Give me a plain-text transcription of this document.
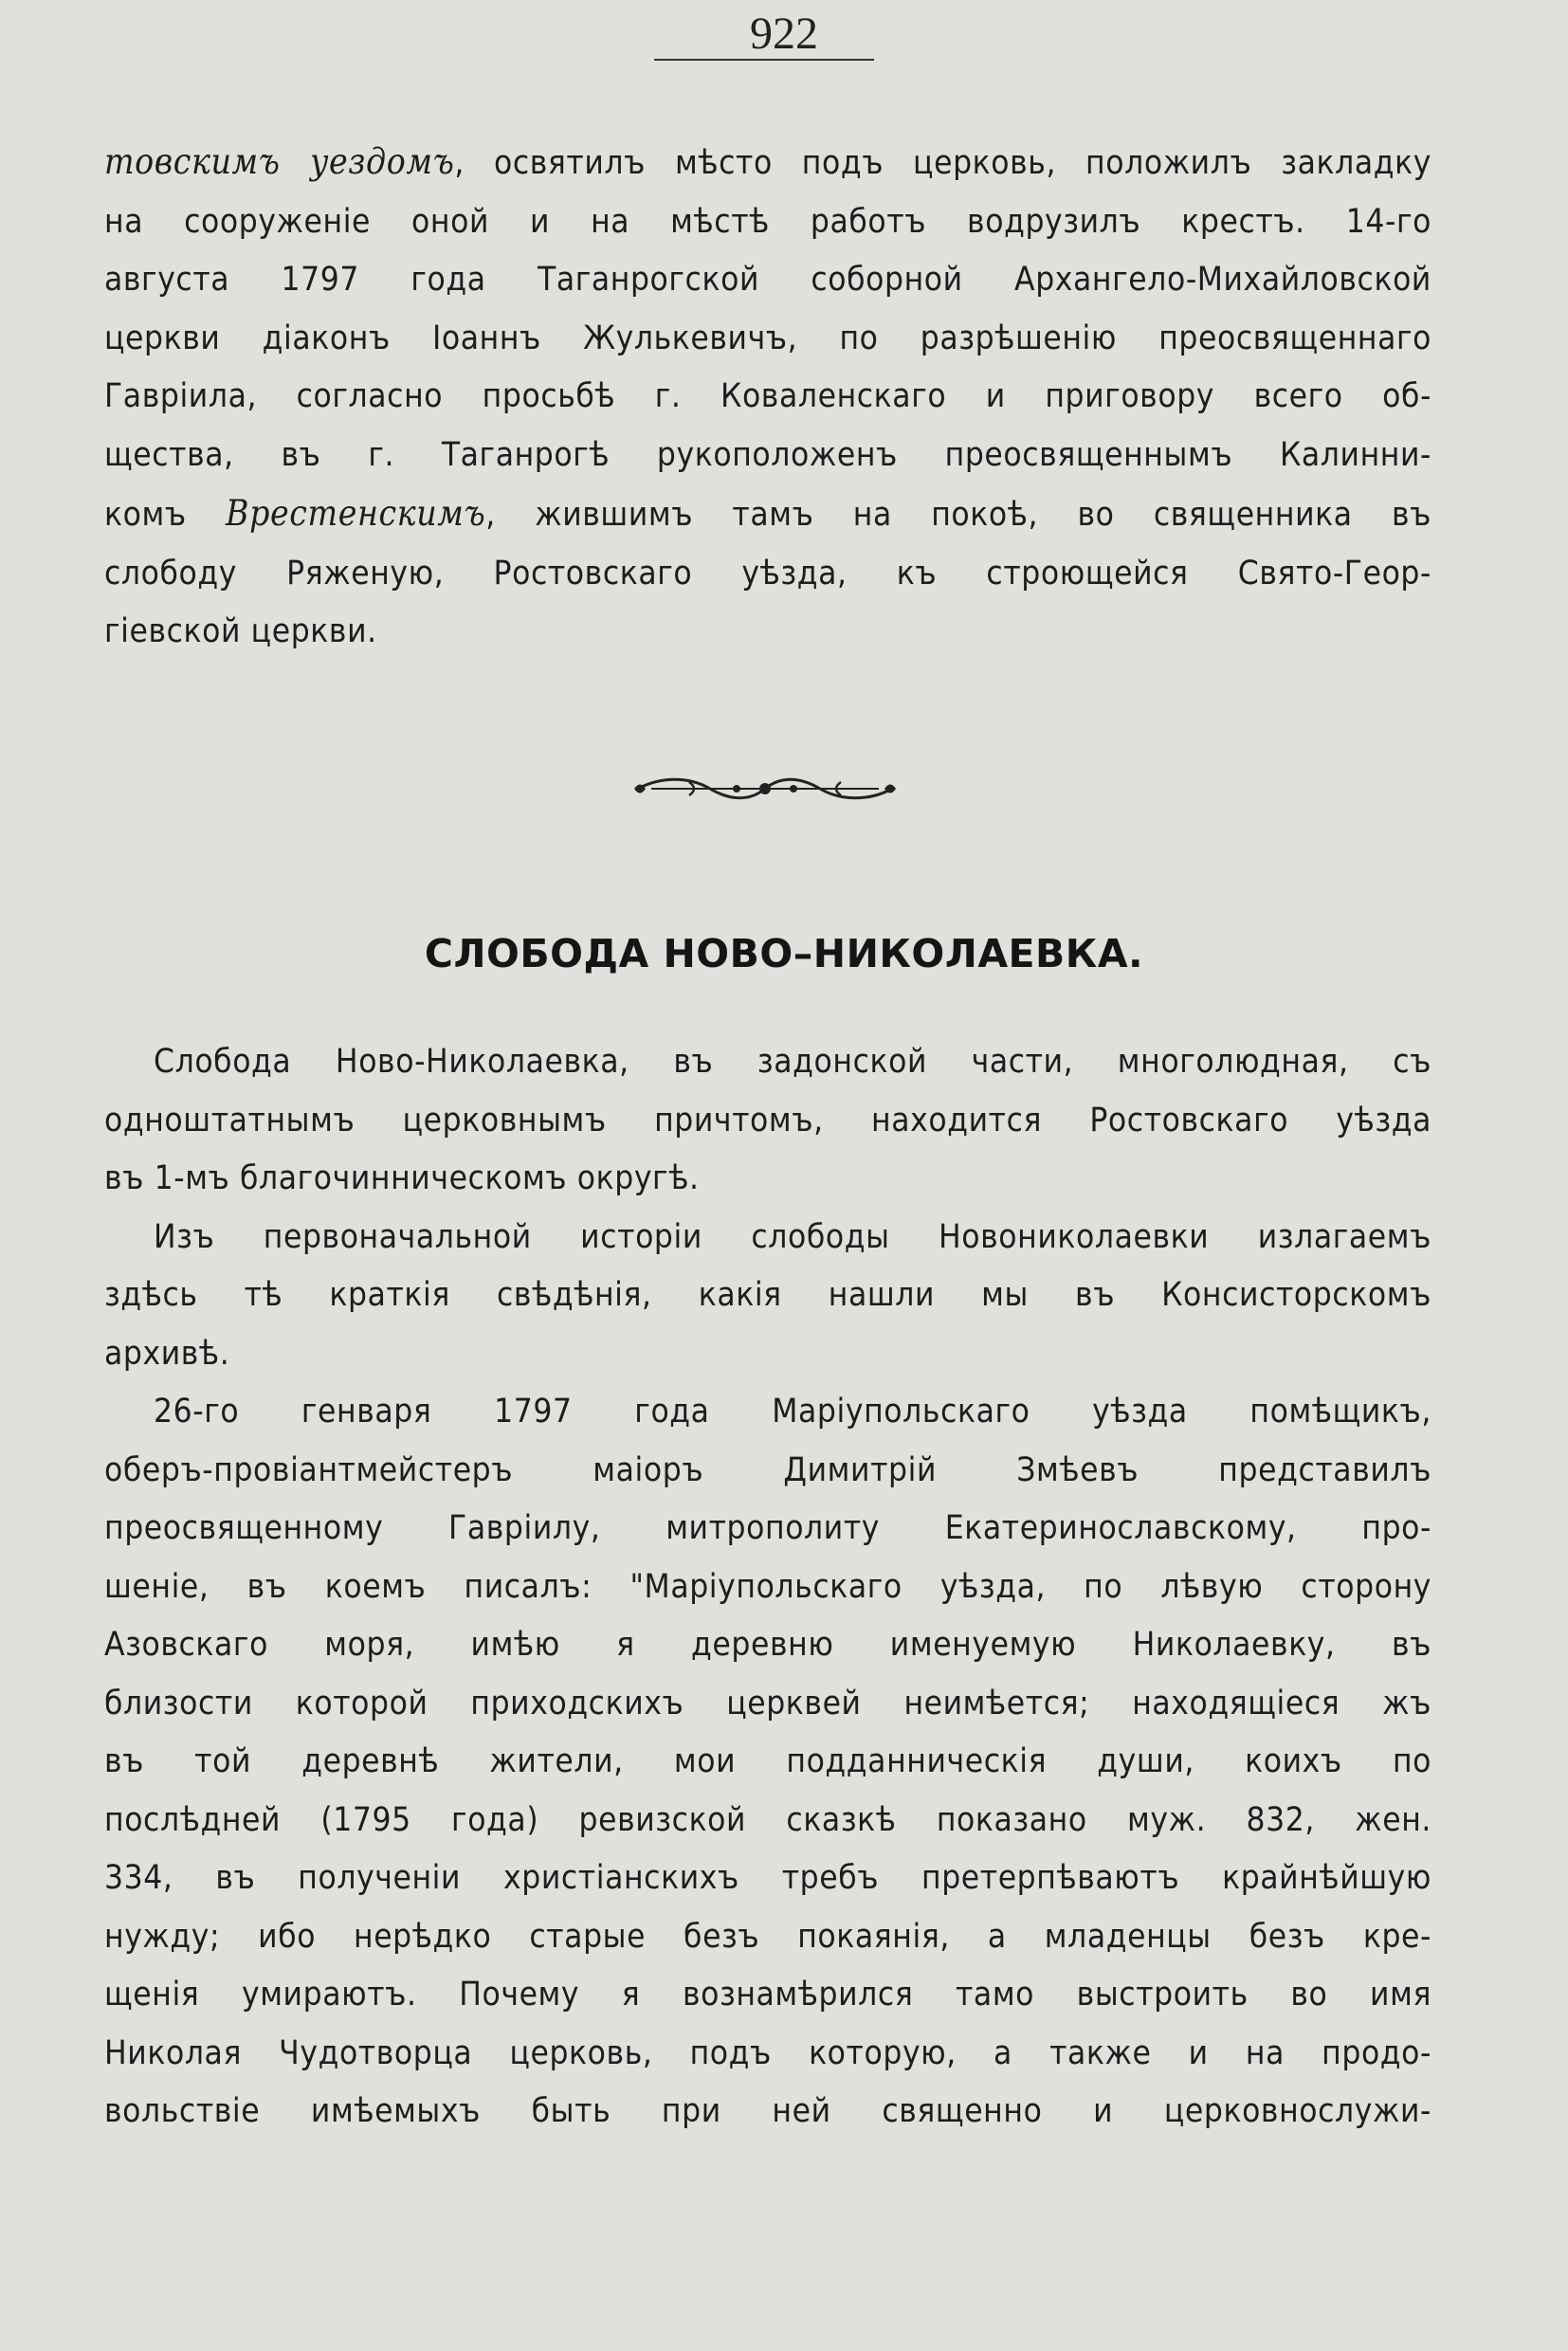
922
товскимъ уездомъ, освятилъ мѣсто подъ церковь, положилъ закладку
на сооруженіе оной и на мѣстѣ работъ водрузилъ крестъ. 14-го
августа 1797 года Таганрогской соборной Архангело-Михайловской
церкви діаконъ Іоаннъ Жулькевичъ, по разрѣшенію преосвященнаго
Гавріила, согласно просьбѣ г. Коваленскаго и приговору всего об-
щества, въ г. Таганрогѣ рукоположенъ преосвященнымъ Калинни-
комъ Врестенскимъ, жившимъ тамъ на покоѣ, во священника въ
слободу Ряженую, Ростовскаго уѣзда, къ строющейся Свято-Геор-
гіевской церкви.
СЛОБОДА НОВО–НИКОЛАЕВКА.
Слобода Ново-Николаевка, въ задонской части, многолюдная, съ
одноштатнымъ церковнымъ причтомъ, находится Ростовскаго уѣзда
въ 1-мъ благочинническомъ округѣ.
Изъ первоначальной исторіи слободы Новониколаевки излагаемъ
здѣсь тѣ краткія свѣдѣнія, какія нашли мы въ Консисторскомъ
архивѣ.
26-го генваря 1797 года Маріупольскаго уѣзда помѣщикъ,
оберъ-провіантмейстеръ маіоръ Димитрій Змѣевъ представилъ
преосвященному Гавріилу, митрополиту Екатеринославскому, про-
шеніе, въ коемъ писалъ: "Маріупольскаго уѣзда, по лѣвую сторону
Азовскаго моря, имѣю я деревню именуемую Николаевку, въ
близости которой приходскихъ церквей неимѣется; находящіеся жъ
въ той деревнѣ жители, мои подданническія души, коихъ по
послѣдней (1795 года) ревизской сказкѣ показано муж. 832, жен.
334, въ полученіи христіанскихъ требъ претерпѣваютъ крайнѣйшую
нужду; ибо нерѣдко старые безъ покаянія, а младенцы безъ кре-
щенія умираютъ. Почему я вознамѣрился тамо выстроить во имя
Николая Чудотворца церковь, подъ которую, а также и на продо-
вольствіе имѣемыхъ быть при ней священно и церковнослужи-
